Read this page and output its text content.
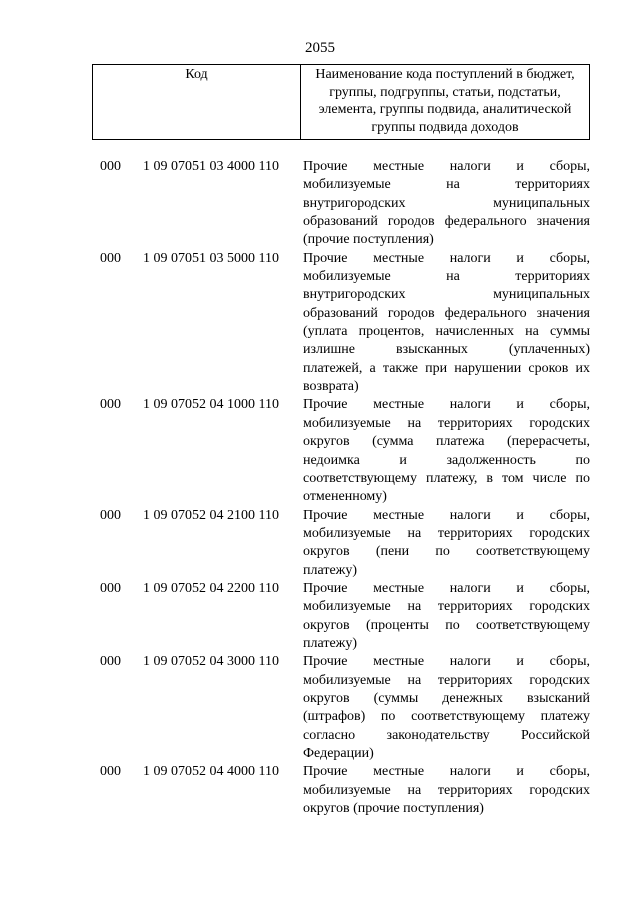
2055
Код	Наименование кода поступлений в бюджет,
группы, подгруппы, статьи, подстатьи,
элемента, группы подвида, аналитической
группы подвида доходов
000	1 09 07051 03 4000 110	Прочие местные налоги и сборы,
мобилизуемые на территориях
внутригородских муниципальных
образований городов федерального значения
(прочие поступления)
000	1 09 07051 03 5000 110	Прочие местные налоги и сборы,
мобилизуемые на территориях
внутригородских муниципальных
образований городов федерального значения
(уплата процентов, начисленных на суммы
излишне взысканных (уплаченных)
платежей, а также при нарушении сроков их
возврата)
000	1 09 07052 04 1000 110	Прочие местные налоги и сборы,
мобилизуемые на территориях городских
округов (сумма платежа (перерасчеты,
недоимка и задолженность по
соответствующему платежу, в том числе по
отмененному)
000	1 09 07052 04 2100 110	Прочие местные налоги и сборы,
мобилизуемые на территориях городских
округов (пени по соответствующему
платежу)
000	1 09 07052 04 2200 110	Прочие местные налоги и сборы,
мобилизуемые на территориях городских
округов (проценты по соответствующему
платежу)
000	1 09 07052 04 3000 110	Прочие местные налоги и сборы,
мобилизуемые на территориях городских
округов (суммы денежных взысканий
(штрафов) по соответствующему платежу
согласно законодательству Российской
Федерации)
000	1 09 07052 04 4000 110	Прочие местные налоги и сборы,
мобилизуемые на территориях городских
округов (прочие поступления)
